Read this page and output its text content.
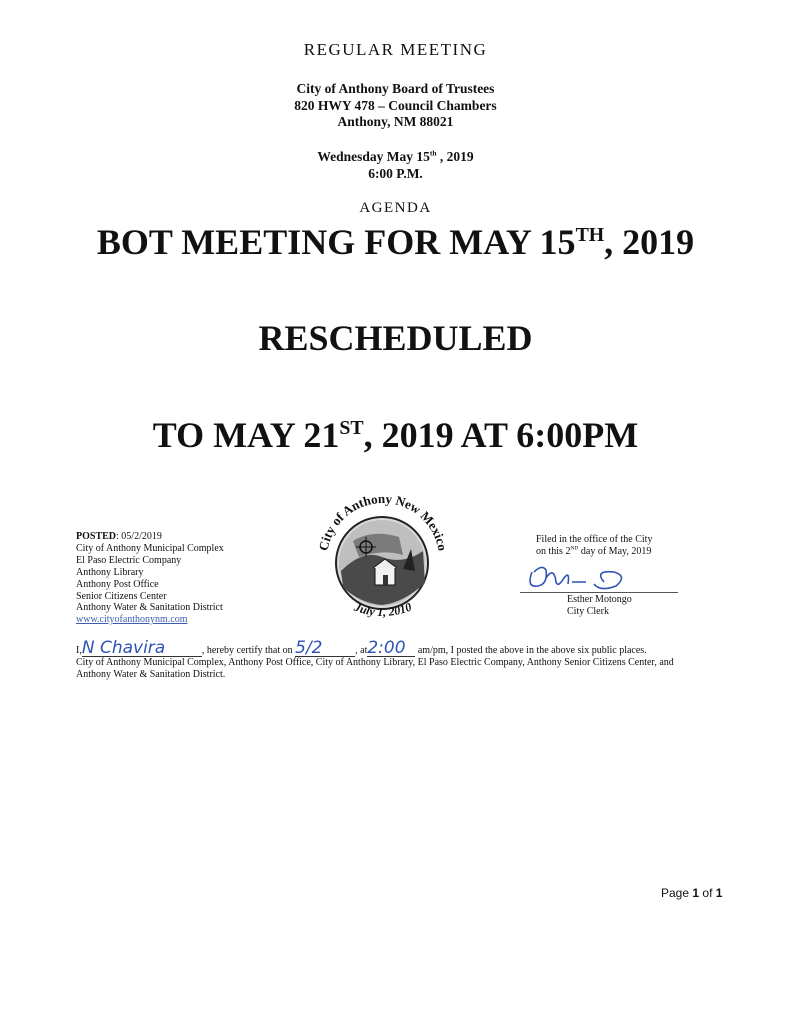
REGULAR MEETING
City of Anthony Board of Trustees
820 HWY 478 – Council Chambers
Anthony, NM 88021
Wednesday May 15th , 2019
6:00 P.M.
AGENDA
BOT MEETING FOR MAY 15TH, 2019
RESCHEDULED
TO MAY 21ST, 2019 AT 6:00PM
POSTED: 05/2/2019
City of Anthony Municipal Complex
El Paso Electric Company
Anthony Library
Anthony Post Office
Senior Citizens Center
Anthony Water & Sanitation District
www.cityofanthonynm.com
City of Anthony New Mexico
July 1, 2010
Filed in the office of the City
on this 2ND day of May, 2019
Esther Motongo
City Clerk
I,N Chavira	, hereby certify that on 5/2	, at2:00 am/pm, I posted the above in the above six public places.
City of Anthony Municipal Complex, Anthony Post Office, City of Anthony Library, El Paso Electric Company, Anthony Senior Citizens Center, and
Anthony Water & Sanitation District.
Page 1 of 1
